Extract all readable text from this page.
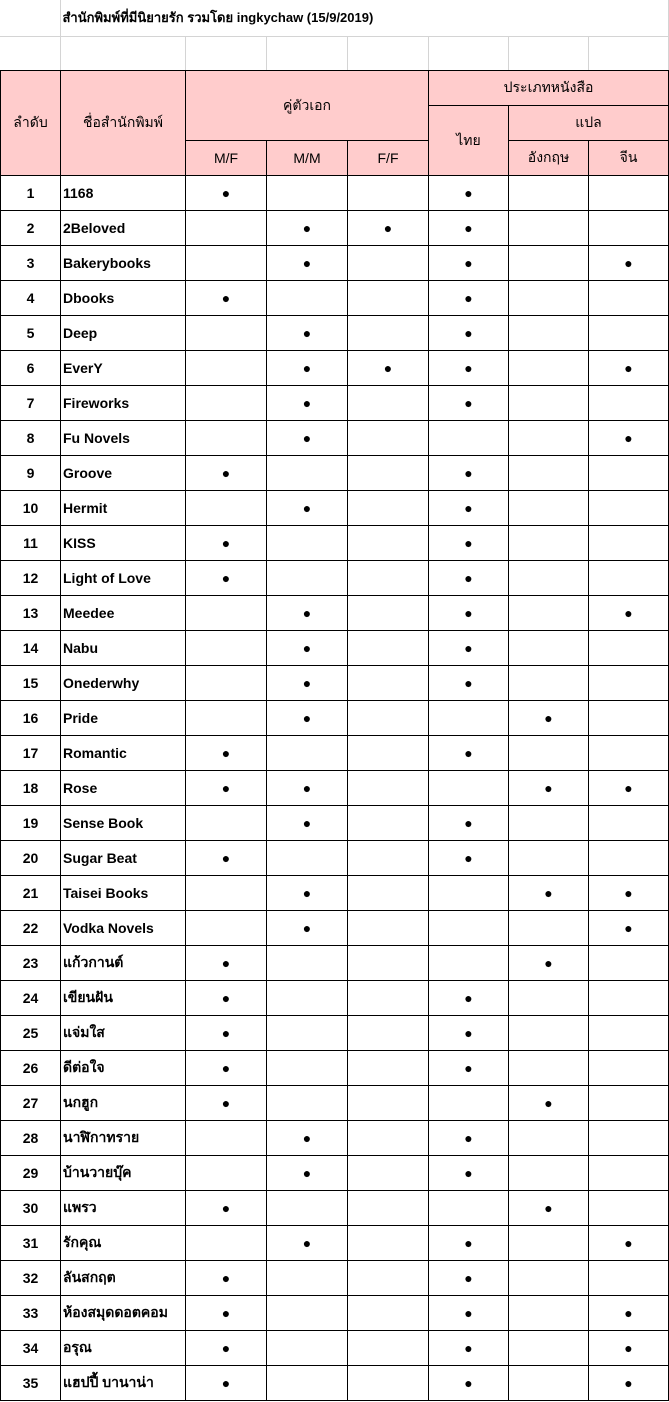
	สำนักพิมพ์ที่มีนิยายรัก รวมโดย ingkychaw (15/9/2019)						

ลำดับ	ชื่อสำนักพิมพ์	คู่ตัวเอก			ประเภทหนังสือ		
					ไทย	แปล	
		M/F	M/M	F/F		อังกฤษ	จีน
1	1168	●			●		
2	2Beloved		●	●	●		
3	Bakerybooks		●		●		●
4	Dbooks	●			●		
5	Deep		●		●		
6	EverY		●	●	●		●
7	Fireworks		●		●		
8	Fu Novels		●				●
9	Groove	●			●		
10	Hermit		●		●		
11	KISS	●			●		
12	Light of Love	●			●		
13	Meedee		●		●		●
14	Nabu		●		●		
15	Onederwhy		●		●		
16	Pride		●			●	
17	Romantic	●			●		
18	Rose	●	●			●	●
19	Sense Book		●		●		
20	Sugar Beat	●			●		
21	Taisei Books		●			●	●
22	Vodka Novels		●				●
23	แก้วกานต์	●				●	
24	เขียนฝัน	●			●		
25	แจ่มใส	●			●		
26	ดีต่อใจ	●			●		
27	นกฮูก	●				●	
28	นาฬิกาทราย		●		●		
29	บ้านวายบุ๊ค		●		●		
30	แพรว	●				●	
31	รักคุณ		●		●		●
32	ลันสกฤต	●			●		
33	ห้องสมุดดอตคอม	●			●		●
34	อรุณ	●			●		●
35	แฮปปี้ บานาน่า	●			●		●
